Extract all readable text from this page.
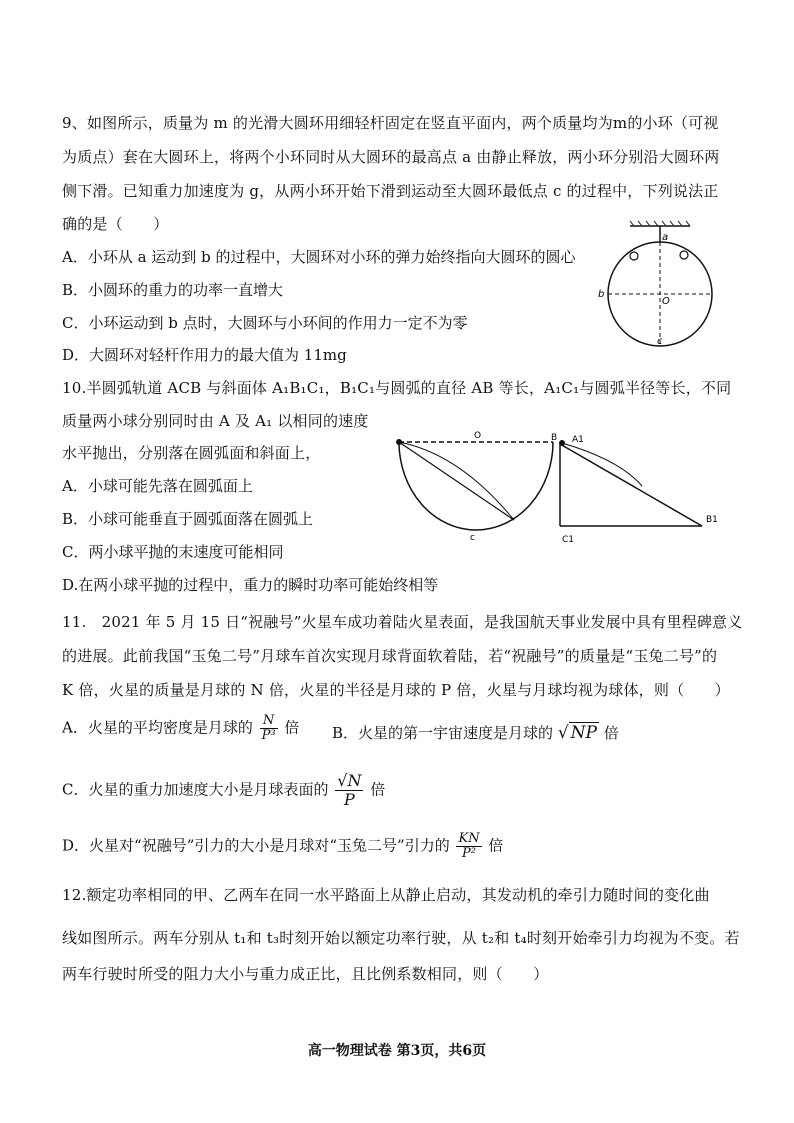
9、如图所示，质量为 m 的光滑大圆环用细轻杆固定在竖直平面内，两个质量均为m的小环（可视
为质点）套在大圆环上，将两个小环同时从大圆环的最高点 a 由静止释放，两小环分别沿大圆环两
侧下滑。已知重力加速度为 g，从两小环开始下滑到运动至大圆环最低点 c 的过程中，下列说法正
确的是（　　）
A．小环从 a 运动到 b 的过程中，大圆环对小环的弹力始终指向大圆环的圆心
B．小圆环的重力的功率一直增大
C．小环运动到 b 点时，大圆环与小环间的作用力一定不为零
D．大圆环对轻杆作用力的最大值为 11mg
a
b
O
c
10.半圆弧轨道 ACB 与斜面体 A₁B₁C₁，B₁C₁与圆弧的直径 AB 等长，A₁C₁与圆弧半径等长，不同
质量两小球分别同时由 A 及 A₁ 以相同的速度
水平抛出，分别落在圆弧面和斜面上，
A．小球可能先落在圆弧面上
B．小球可能垂直于圆弧面落在圆弧上
C．两小球平抛的末速度可能相同
D.在两小球平抛的过程中，重力的瞬时功率可能始终相等
O	B A1
c
B1
C1
11.　2021 年 5 月 15 日“祝融号”火星车成功着陆火星表面，是我国航天事业发展中具有里程碑意义
的进展。此前我国“玉兔二号”月球车首次实现月球背面软着陆，若“祝融号”的质量是“玉兔二号”的
K 倍，火星的质量是月球的 N 倍，火星的半径是月球的 P 倍，火星与月球均视为球体，则（　　）
A．火星的平均密度是月球的 $\frac{N}{\text{P³}}$ 倍 B．火星的第一宇宙速度是月球的 √ NP 倍
C．火星的重力加速度大小是月球表面的 $\frac{√N}{P}$ 倍
D．火星对“祝融号”引力的大小是月球对“玉兔二号”引力的 $\frac{KN}{\text{P²}}$ 倍
12.额定功率相同的甲、乙两车在同一水平路面上从静止启动，其发动机的牵引力随时间的变化曲
线如图所示。两车分别从 t₁和 t₃时刻开始以额定功率行驶，从 t₂和 t₄时刻开始牵引力均视为不变。若
两车行驶时所受的阻力大小与重力成正比，且比例系数相同，则（　　）
高一物理试卷 第3页，共6页
